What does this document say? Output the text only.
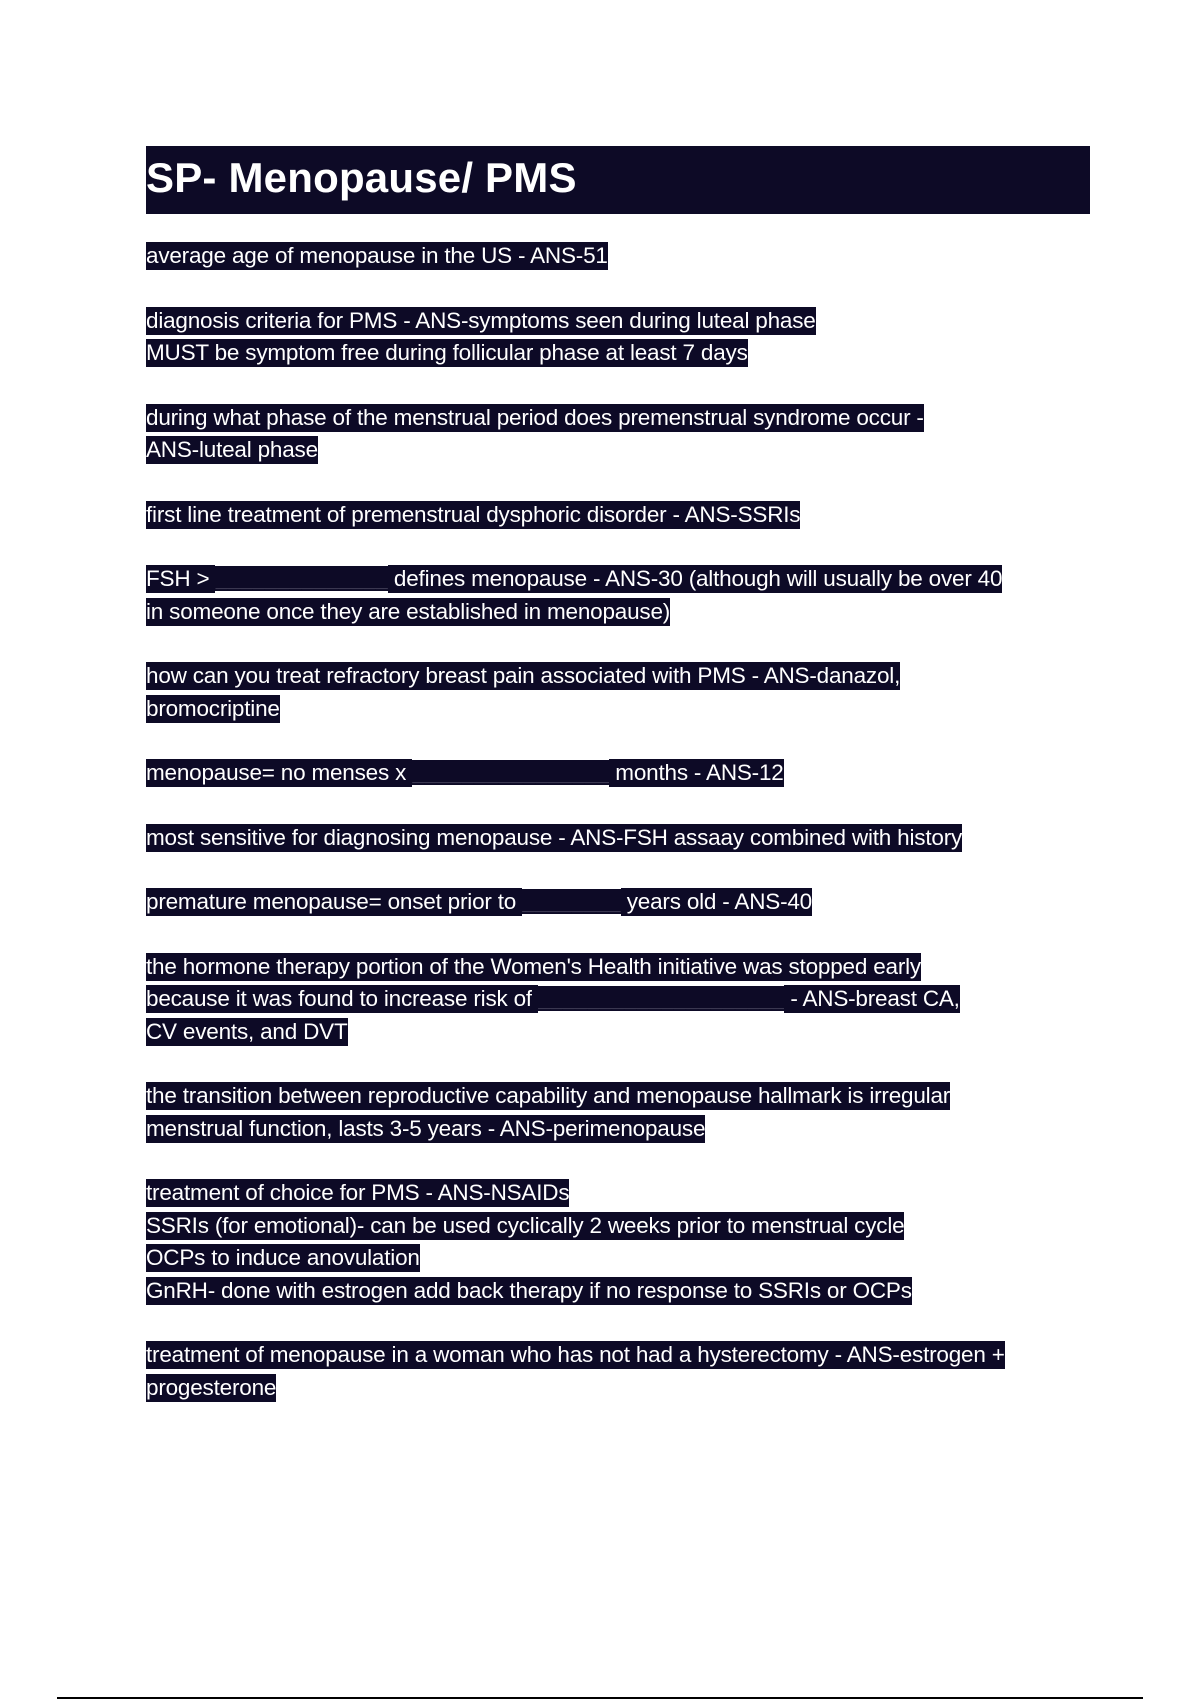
SP- Menopause/ PMS
average age of menopause in the US - ANS-51
diagnosis criteria for PMS - ANS-symptoms seen during luteal phase
MUST be symptom free during follicular phase at least 7 days
during what phase of the menstrual period does premenstrual syndrome occur -
ANS-luteal phase
first line treatment of premenstrual dysphoric disorder - ANS-SSRIs
FSH > ______________ defines menopause - ANS-30 (although will usually be over 40
in someone once they are established in menopause)
how can you treat refractory breast pain associated with PMS - ANS-danazol,
bromocriptine
menopause= no menses x ________________ months - ANS-12
most sensitive for diagnosing menopause - ANS-FSH assaay combined with history
premature menopause= onset prior to ________ years old - ANS-40
the hormone therapy portion of the Women's Health initiative was stopped early
because it was found to increase risk of ____________________ - ANS-breast CA,
CV events, and DVT
the transition between reproductive capability and menopause hallmark is irregular
menstrual function, lasts 3-5 years - ANS-perimenopause
treatment of choice for PMS - ANS-NSAIDs
SSRIs (for emotional)- can be used cyclically 2 weeks prior to menstrual cycle
OCPs to induce anovulation
GnRH- done with estrogen add back therapy if no response to SSRIs or OCPs
treatment of menopause in a woman who has not had a hysterectomy - ANS-estrogen +
progesterone
